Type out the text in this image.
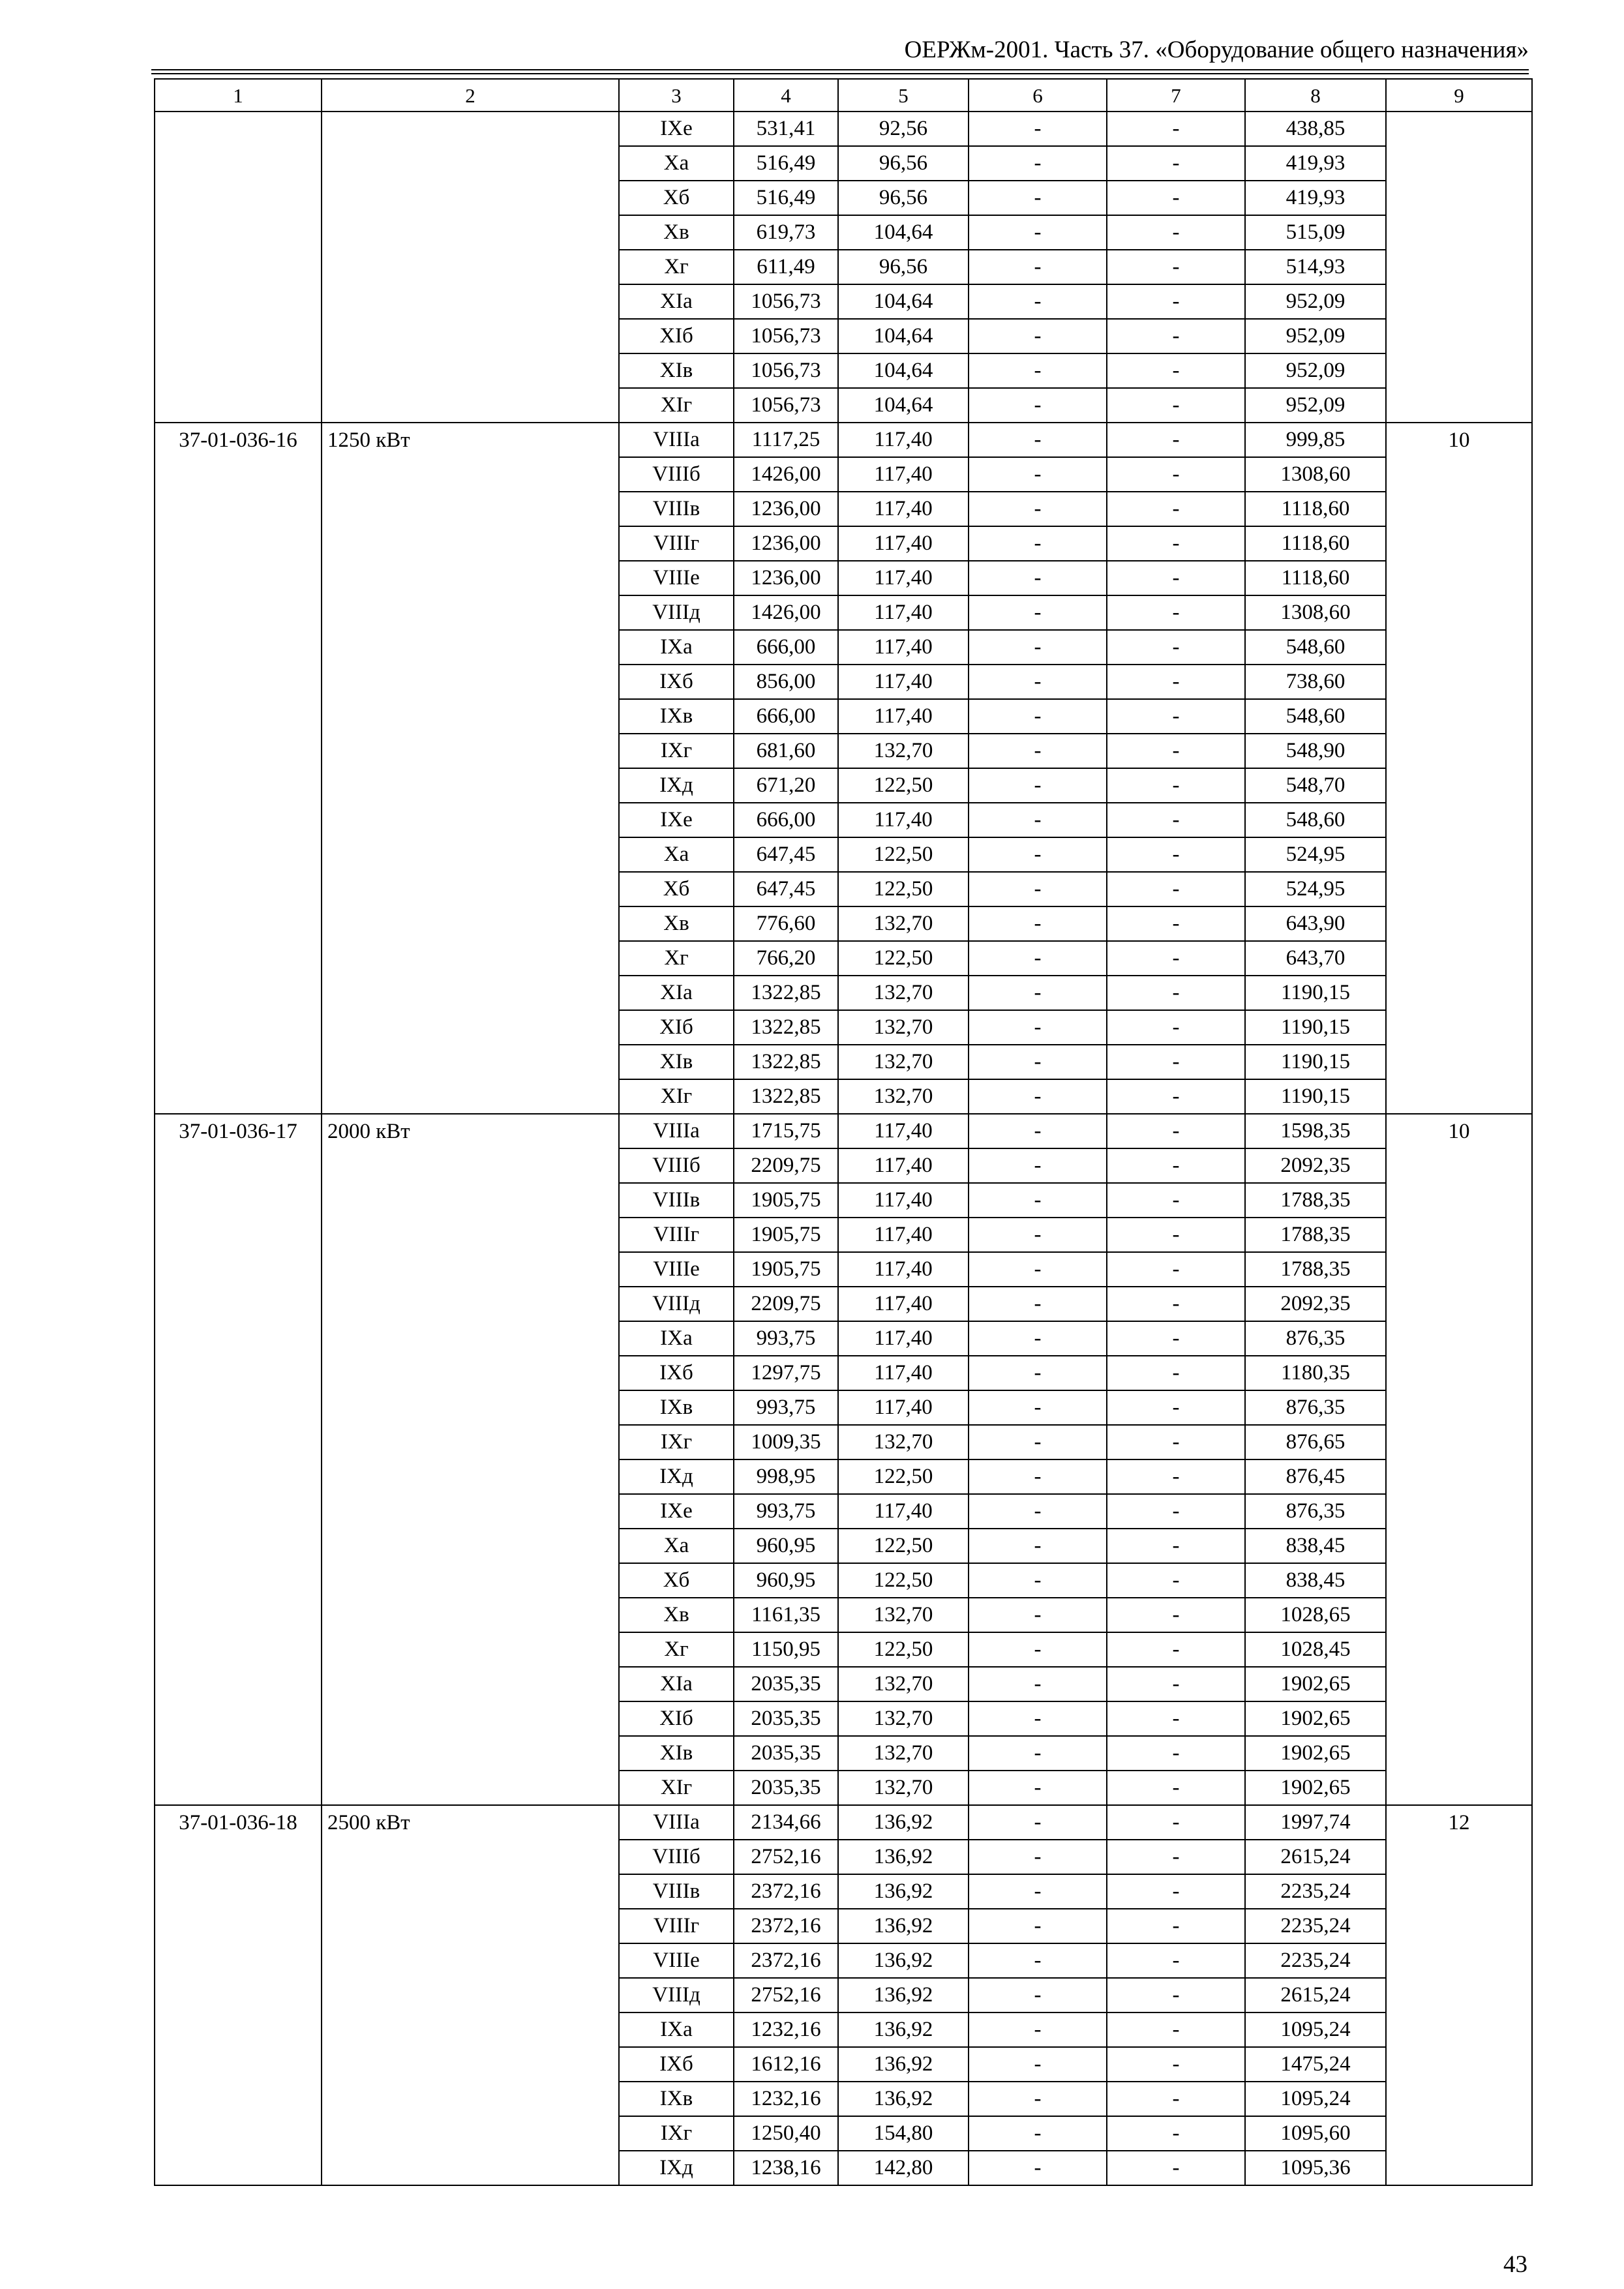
ОЕРЖм-2001. Часть 37. «Оборудование общего назначения»
1	2	3	4	5	6	7	8	9
		IXe	531,41	92,56	-	-	438,85	
		Xa	516,49	96,56	-	-	419,93	
		Xб	516,49	96,56	-	-	419,93	
		Xв	619,73	104,64	-	-	515,09	
		Xг	611,49	96,56	-	-	514,93	
		XIa	1056,73	104,64	-	-	952,09	
		XIб	1056,73	104,64	-	-	952,09	
		XIв	1056,73	104,64	-	-	952,09	
		XIг	1056,73	104,64	-	-	952,09	
37-01-036-16	1250 кВт	VIIIa	1117,25	117,40	-	-	999,85	10
		VIIIб	1426,00	117,40	-	-	1308,60	
		VIIIв	1236,00	117,40	-	-	1118,60	
		VIIIг	1236,00	117,40	-	-	1118,60	
		VIIIe	1236,00	117,40	-	-	1118,60	
		VIIIд	1426,00	117,40	-	-	1308,60	
		IXa	666,00	117,40	-	-	548,60	
		IXб	856,00	117,40	-	-	738,60	
		IXв	666,00	117,40	-	-	548,60	
		IXг	681,60	132,70	-	-	548,90	
		IXд	671,20	122,50	-	-	548,70	
		IXe	666,00	117,40	-	-	548,60	
		Xa	647,45	122,50	-	-	524,95	
		Xб	647,45	122,50	-	-	524,95	
		Xв	776,60	132,70	-	-	643,90	
		Xг	766,20	122,50	-	-	643,70	
		XIa	1322,85	132,70	-	-	1190,15	
		XIб	1322,85	132,70	-	-	1190,15	
		XIв	1322,85	132,70	-	-	1190,15	
		XIг	1322,85	132,70	-	-	1190,15	
37-01-036-17	2000 кВт	VIIIa	1715,75	117,40	-	-	1598,35	10
		VIIIб	2209,75	117,40	-	-	2092,35	
		VIIIв	1905,75	117,40	-	-	1788,35	
		VIIIг	1905,75	117,40	-	-	1788,35	
		VIIIe	1905,75	117,40	-	-	1788,35	
		VIIIд	2209,75	117,40	-	-	2092,35	
		IXa	993,75	117,40	-	-	876,35	
		IXб	1297,75	117,40	-	-	1180,35	
		IXв	993,75	117,40	-	-	876,35	
		IXг	1009,35	132,70	-	-	876,65	
		IXд	998,95	122,50	-	-	876,45	
		IXe	993,75	117,40	-	-	876,35	
		Xa	960,95	122,50	-	-	838,45	
		Xб	960,95	122,50	-	-	838,45	
		Xв	1161,35	132,70	-	-	1028,65	
		Xг	1150,95	122,50	-	-	1028,45	
		XIa	2035,35	132,70	-	-	1902,65	
		XIб	2035,35	132,70	-	-	1902,65	
		XIв	2035,35	132,70	-	-	1902,65	
		XIг	2035,35	132,70	-	-	1902,65	
37-01-036-18	2500 кВт	VIIIa	2134,66	136,92	-	-	1997,74	12
		VIIIб	2752,16	136,92	-	-	2615,24	
		VIIIв	2372,16	136,92	-	-	2235,24	
		VIIIг	2372,16	136,92	-	-	2235,24	
		VIIIe	2372,16	136,92	-	-	2235,24	
		VIIIд	2752,16	136,92	-	-	2615,24	
		IXa	1232,16	136,92	-	-	1095,24	
		IXб	1612,16	136,92	-	-	1475,24	
		IXв	1232,16	136,92	-	-	1095,24	
		IXг	1250,40	154,80	-	-	1095,60	
		IXд	1238,16	142,80	-	-	1095,36	
43
